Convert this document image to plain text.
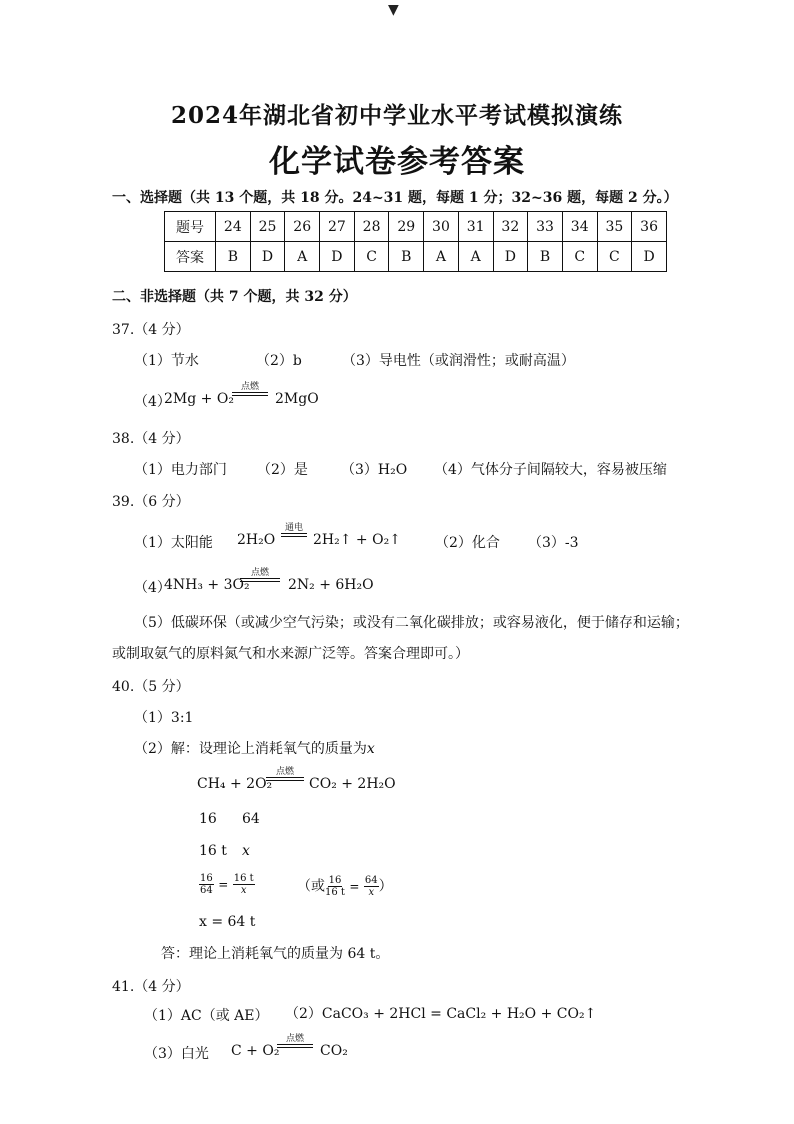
▼
2024年湖北省初中学业水平考试模拟演练
化学试卷参考答案
一、选择题（共 13 个题，共 18 分。24~31 题，每题 1 分；32~36 题，每题 2 分。）
题号	24	25	26	27	28	29	30	31	32	33	34	35	36
答案	B	D	A	D	C	B	A	A	D	B	C	C	D
二、非选择题（共 7 个题，共 32 分）
37.（4 分）
（1）节水	（2）b	（3）导电性（或润滑性；或耐高温）
（4）
2Mg + O₂
点燃
2MgO
38.（4 分）
（1）电力部门 （2）是 （3）H₂O （4）气体分子间隔较大，容易被压缩
39.（6 分）
（1）太阳能 2H₂O
通电
2H₂↑ + O₂↑ （2）化合 （3）-3
（4）
4NH₃ + 3O₂
点燃
2N₂ + 6H₂O
（5）低碳环保（或减少空气污染；或没有二氧化碳排放；或容易液化，便于储存和运输；
或制取氨气的原料氮气和水来源广泛等。答案合理即可。）
40.（5 分）
（1）3:1
（2）解：设理论上消耗氧气的质量为x
CH₄ + 2O₂
点燃
CO₂ + 2H₂O
16 64
16 t x
$\frac{16}{64} = \frac{16 t}{x}$	（或 $\frac{16}{16 t} = \frac{64}{x}$ ）
x = 64 t
答：理论上消耗氧气的质量为 64 t。
41.（4 分）
（1）AC（或 AE） （2）CaCO₃ + 2HCl = CaCl₂ + H₂O + CO₂↑
（3）白光 C + O₂
点燃
CO₂
